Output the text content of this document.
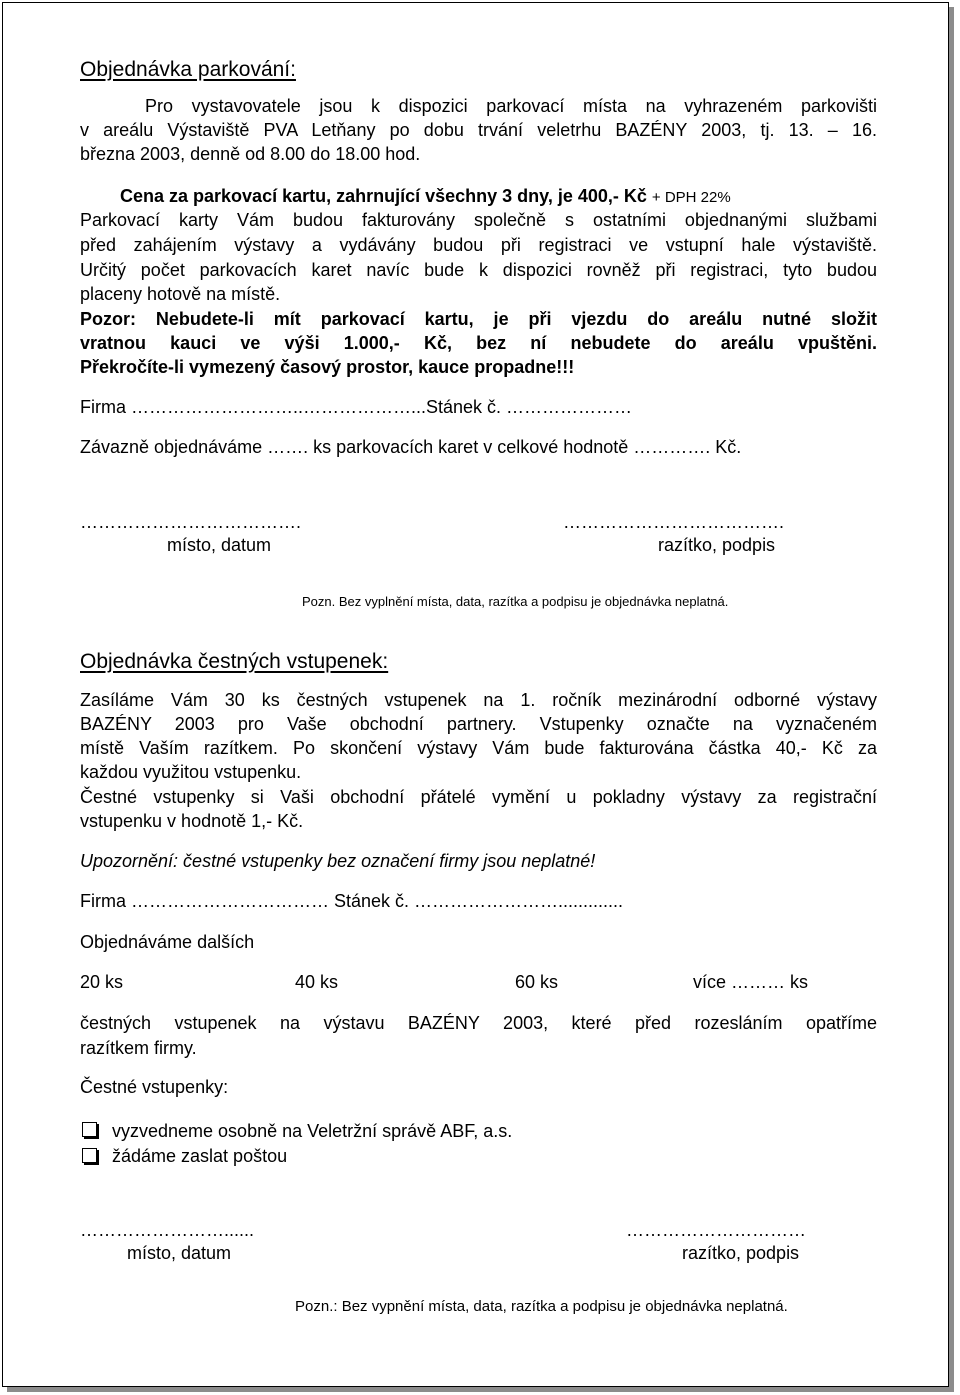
Objednávka parkování:
Pro vystavovatele jsou k dispozici parkovací místa na vyhrazeném parkovišti
v areálu Výstaviště PVA Letňany po dobu trvání veletrhu BAZÉNY 2003, tj. 13. – 16.
března 2003, denně od 8.00 do 18.00 hod.
Cena za parkovací kartu, zahrnující všechny 3 dny, je 400,- Kč + DPH 22%
Parkovací karty Vám budou fakturovány společně s ostatními objednanými službami
před zahájením výstavy a vydávány budou při registraci ve vstupní hale výstaviště.
Určitý počet parkovacích karet navíc bude k dispozici rovněž při registraci, tyto budou
placeny hotově na místě.
Pozor: Nebudete-li mít parkovací kartu, je při vjezdu do areálu nutné složit
vratnou kauci ve výši 1.000,- Kč, bez ní nebudete do areálu vpuštěni.
Překročíte-li vymezený časový prostor, kauce propadne!!!
Firma ………………………..………………...Stánek č. …………………
Závazně objednáváme ……. ks parkovacích karet v celkové hodnotě …………. Kč.
……………………………….	……………………………….
místo, datum	razítko, podpis
Pozn. Bez vyplnění místa, data, razítka a podpisu je objednávka neplatná.
Objednávka čestných vstupenek:
Zasíláme Vám 30 ks čestných vstupenek na 1. ročník mezinárodní odborné výstavy
BAZÉNY 2003 pro Vaše obchodní partnery. Vstupenky označte na vyznačeném
místě Vaším razítkem. Po skončení výstavy Vám bude fakturována částka 40,- Kč za
každou využitou vstupenku.
Čestné vstupenky si Vaši obchodní přátelé vymění u pokladny výstavy za registrační
vstupenku v hodnotě 1,- Kč.
Upozornění: čestné vstupenky bez označení firmy jsou neplatné!
Firma …………………………… Stánek č. …………………….............
Objednáváme dalších
20 ks	40 ks	60 ks	více ……… ks
čestných vstupenek na výstavu BAZÉNY 2003, které před rozesláním opatříme
razítkem firmy.
Čestné vstupenky:
vyzvedneme osobně na Veletržní správě ABF, a.s.
žádáme zaslat poštou
……………………......	…………………………
místo, datum	razítko, podpis
Pozn.: Bez vypnění místa, data, razítka a podpisu je objednávka neplatná.
